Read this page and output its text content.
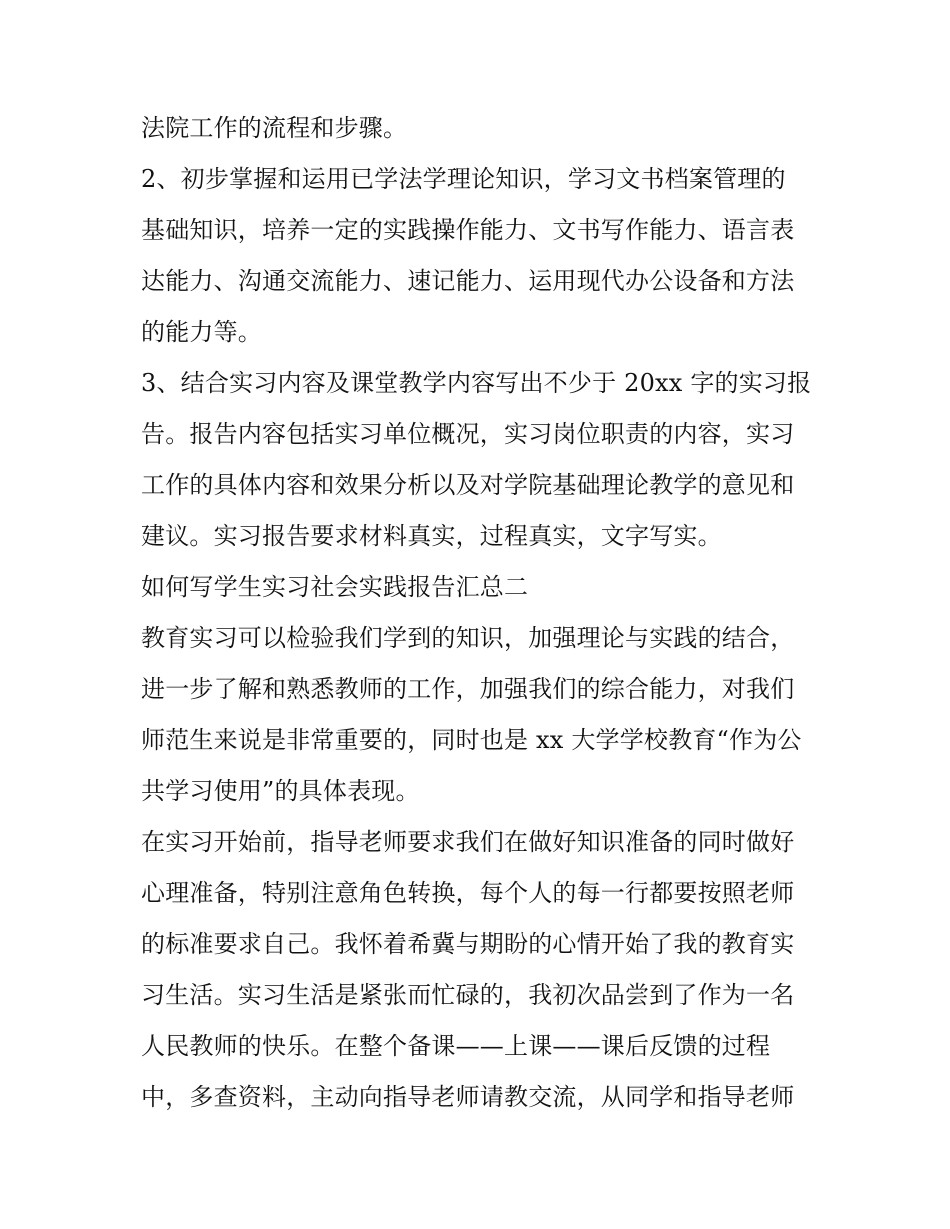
法院工作的流程和步骤。
2、初步掌握和运用已学法学理论知识，学习文书档案管理的
基础知识，培养一定的实践操作能力、文书写作能力、语言表
达能力、沟通交流能力、速记能力、运用现代办公设备和方法
的能力等。
3、结合实习内容及课堂教学内容写出不少于 20xx 字的实习报
告。报告内容包括实习单位概况，实习岗位职责的内容，实习
工作的具体内容和效果分析以及对学院基础理论教学的意见和
建议。实习报告要求材料真实，过程真实，文字写实。
如何写学生实习社会实践报告汇总二
教育实习可以检验我们学到的知识，加强理论与实践的结合，
进一步了解和熟悉教师的工作，加强我们的综合能力，对我们
师范生来说是非常重要的，同时也是 xx 大学学校教育“作为公
共学习使用”的具体表现。
在实习开始前，指导老师要求我们在做好知识准备的同时做好
心理准备，特别注意角色转换，每个人的每一行都要按照老师
的标准要求自己。我怀着希冀与期盼的心情开始了我的教育实
习生活。实习生活是紧张而忙碌的，我初次品尝到了作为一名
人民教师的快乐。在整个备课——上课——课后反馈的过程
中，多查资料，主动向指导老师请教交流，从同学和指导老师
